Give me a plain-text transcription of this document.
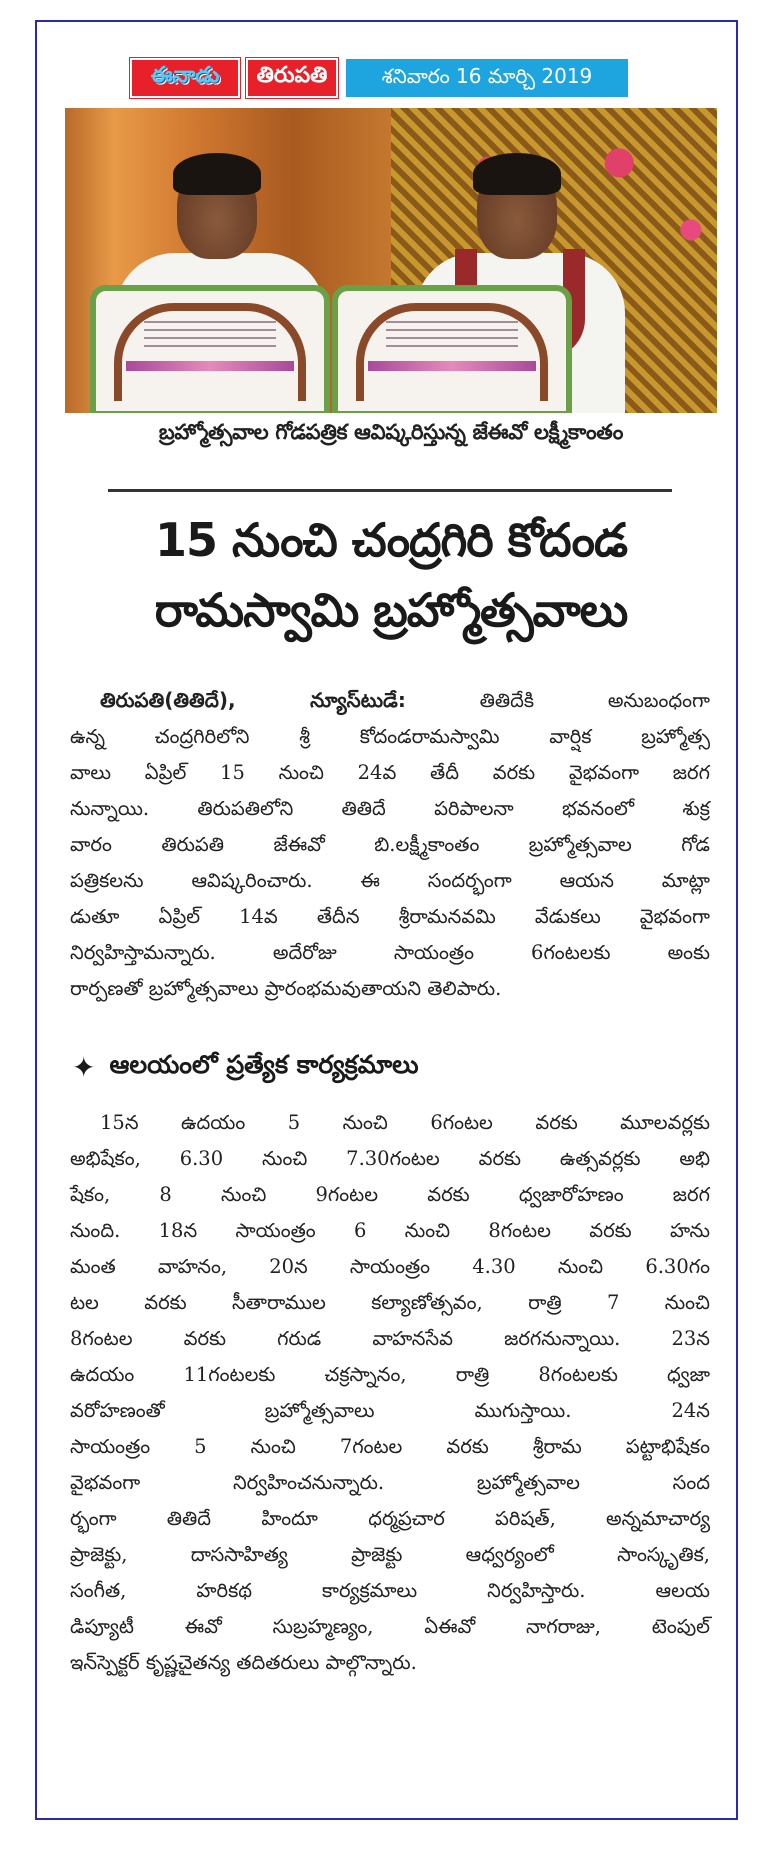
ఈనాడు	తిరుపతి	శనివారం 16 మార్చి 2019
బ్రహ్మోత్సవాల గోడపత్రిక ఆవిష్కరిస్తున్న జేఈవో లక్ష్మీకాంతం
15 నుంచి చంద్రగిరి కోదండ
రామస్వామి బ్రహ్మోత్సవాలు
తిరుపతి(తితిదే), న్యూస్‌టుడే:	తితిదేకి అనుబంధంగా
ఉన్న చంద్రగిరిలోని శ్రీ కోదండరామస్వామి వార్షిక బ్రహ్మోత్స
వాలు ఏప్రిల్ 15 నుంచి 24వ తేదీ వరకు వైభవంగా జరగ
నున్నాయి. తిరుపతిలోని తితిదే పరిపాలనా భవనంలో శుక్ర
వారం తిరుపతి జేఈవో బి.లక్ష్మీకాంతం బ్రహ్మోత్సవాల గోడ
పత్రికలను ఆవిష్కరించారు. ఈ సందర్భంగా ఆయన మాట్లా
డుతూ ఏప్రిల్ 14వ తేదీన శ్రీరామనవమి వేడుకలు వైభవంగా
నిర్వహిస్తామన్నారు. అదేరోజు సాయంత్రం 6గంటలకు అంకు
రార్పణతో బ్రహ్మోత్సవాలు ప్రారంభమవుతాయని తెలిపారు.
✦ ఆలయంలో ప్రత్యేక కార్యక్రమాలు
15న ఉదయం 5 నుంచి 6గంటల వరకు మూలవర్లకు
అభిషేకం, 6.30 నుంచి 7.30గంటల వరకు ఉత్సవర్లకు అభి
షేకం, 8 నుంచి 9గంటల వరకు ధ్వజారోహణం జరగ
నుంది. 18న సాయంత్రం 6 నుంచి 8గంటల వరకు హను
మంత వాహనం, 20న సాయంత్రం 4.30 నుంచి 6.30గం
టల వరకు సీతారాముల కల్యాణోత్సవం, రాత్రి 7 నుంచి
8గంటల వరకు గరుడ వాహనసేవ జరగనున్నాయి. 23న
ఉదయం 11గంటలకు చక్రస్నానం, రాత్రి 8గంటలకు ధ్వజా
వరోహణంతో బ్రహ్మోత్సవాలు ముగుస్తాయి. 24న
సాయంత్రం 5 నుంచి 7గంటల వరకు శ్రీరామ పట్టాభిషేకం
వైభవంగా నిర్వహించనున్నారు. బ్రహ్మోత్సవాల సంద
ర్భంగా తితిదే హిందూ ధర్మప్రచార పరిషత్, అన్నమాచార్య
ప్రాజెక్టు, దాససాహిత్య ప్రాజెక్టు ఆధ్వర్యంలో సాంస్కృతిక,
సంగీత, హరికథ కార్యక్రమాలు నిర్వహిస్తారు. ఆలయ
డిప్యూటీ ఈవో సుబ్రహ్మణ్యం, ఏఈవో నాగరాజు, టెంపుల్
ఇన్‌స్పెక్టర్ కృష్ణచైతన్య తదితరులు పాల్గొన్నారు.
